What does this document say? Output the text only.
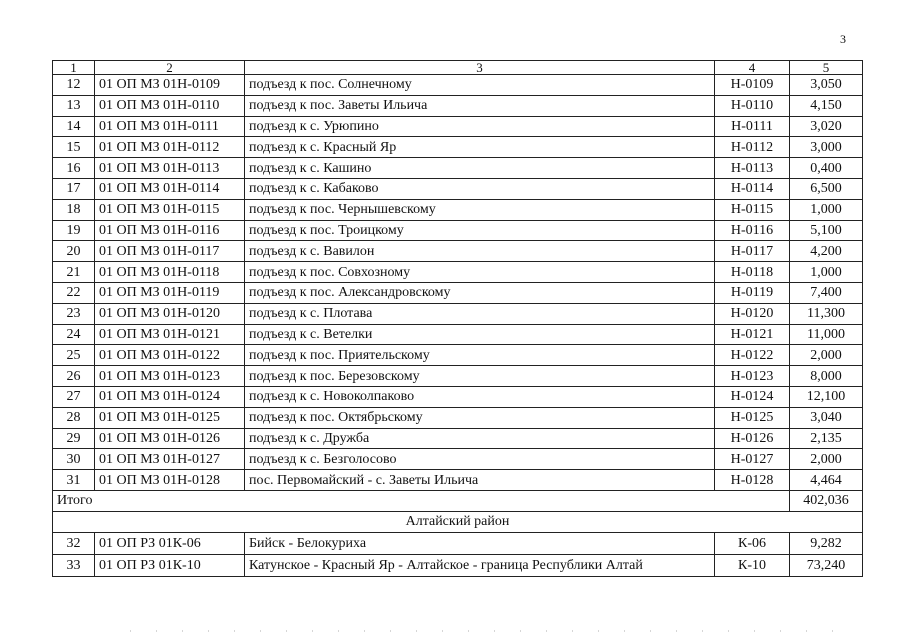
3
1	2	3	4	5
12	01 ОП МЗ 01Н-0109	подъезд к пос. Солнечному	Н-0109	3,050
13	01 ОП МЗ 01Н-0110	подъезд к пос. Заветы Ильича	Н-0110	4,150
14	01 ОП МЗ 01Н-0111	подъезд к с. Урюпино	Н-0111	3,020
15	01 ОП МЗ 01Н-0112	подъезд к с. Красный Яр	Н-0112	3,000
16	01 ОП МЗ 01Н-0113	подъезд к с. Кашино	Н-0113	0,400
17	01 ОП МЗ 01Н-0114	подъезд к с. Кабаково	Н-0114	6,500
18	01 ОП МЗ 01Н-0115	подъезд к пос. Чернышевскому	Н-0115	1,000
19	01 ОП МЗ 01Н-0116	подъезд к пос. Троицкому	Н-0116	5,100
20	01 ОП МЗ 01Н-0117	подъезд к с. Вавилон	Н-0117	4,200
21	01 ОП МЗ 01Н-0118	подъезд к пос. Совхозному	Н-0118	1,000
22	01 ОП МЗ 01Н-0119	подъезд к пос. Александровскому	Н-0119	7,400
23	01 ОП МЗ 01Н-0120	подъезд к с. Плотава	Н-0120	11,300
24	01 ОП МЗ 01Н-0121	подъезд к с. Ветелки	Н-0121	11,000
25	01 ОП МЗ 01Н-0122	подъезд к пос. Приятельскому	Н-0122	2,000
26	01 ОП МЗ 01Н-0123	подъезд к пос. Березовскому	Н-0123	8,000
27	01 ОП МЗ 01Н-0124	подъезд к с. Новоколпаково	Н-0124	12,100
28	01 ОП МЗ 01Н-0125	подъезд к пос. Октябрьскому	Н-0125	3,040
29	01 ОП МЗ 01Н-0126	подъезд к с. Дружба	Н-0126	2,135
30	01 ОП МЗ 01Н-0127	подъезд к с. Безголосово	Н-0127	2,000
31	01 ОП МЗ 01Н-0128	пос. Первомайский - с. Заветы Ильича	Н-0128	4,464
Итого				402,036
Алтайский район				
32	01 ОП РЗ 01К-06	Бийск - Белокуриха	К-06	9,282
33	01 ОП РЗ 01К-10	Катунское - Красный Яр - Алтайское - граница Республики Алтай	К-10	73,240
